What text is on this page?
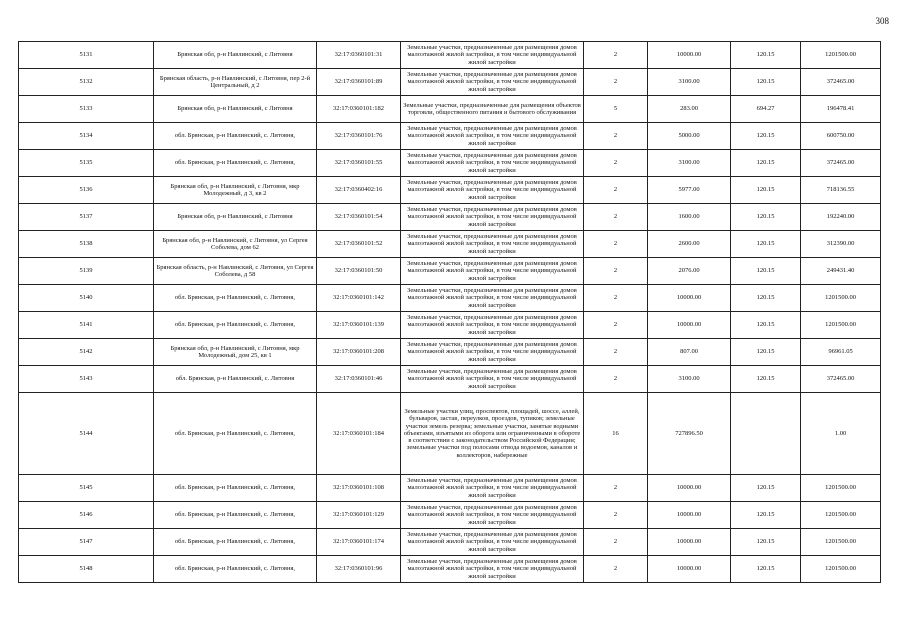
308
5131	Брянская обл, р-н Навлинский, с Литовня	32:17:0360101:31	Земельные участки, предназначенные для размещения домов малоэтажной жилой застройки, в том числе индивидуальной жилой застройки	2	10000.00	120.15	1201500.00
5132	Брянская область, р-н Навлинский, с Литовня, пер 2-й Центральный, д 2	32:17:0360101:89	Земельные участки, предназначенные для размещения домов малоэтажной жилой застройки, в том числе индивидуальной жилой застройки	2	3100.00	120.15	372465.00
5133	Брянская обл, р-н Навлинский, с Литовня	32:17:0360101:182	Земельные участки, предназначенные для размещения объектов торговли, общественного питания и бытового обслуживания	5	283.00	694.27	196478.41
5134	обл. Брянская, р-н Навлинский, с. Литовня,	32:17:0360101:76	Земельные участки, предназначенные для размещения домов малоэтажной жилой застройки, в том числе индивидуальной жилой застройки	2	5000.00	120.15	600750.00
5135	обл. Брянская, р-н Навлинский, с. Литовня,	32:17:0360101:55	Земельные участки, предназначенные для размещения домов малоэтажной жилой застройки, в том числе индивидуальной жилой застройки	2	3100.00	120.15	372465.00
5136	Брянская обл, р-н Навлинский, с Литовня, мкр Молодежный, д 3, кв 2	32:17:0360402:16	Земельные участки, предназначенные для размещения домов малоэтажной жилой застройки, в том числе индивидуальной жилой застройки	2	5977.00	120.15	718136.55
5137	Брянская обл, р-н Навлинский, с Литовня	32:17:0360101:54	Земельные участки, предназначенные для размещения домов малоэтажной жилой застройки, в том числе индивидуальной жилой застройки	2	1600.00	120.15	192240.00
5138	Брянская обл, р-н Навлинский, с Литовня, ул Сергея Соболева, дом 62	32:17:0360101:52	Земельные участки, предназначенные для размещения домов малоэтажной жилой застройки, в том числе индивидуальной жилой застройки	2	2600.00	120.15	312390.00
5139	Брянская область, р-н Навлинский, с Литовня, ул Сергея Соболева, д 58	32:17:0360101:50	Земельные участки, предназначенные для размещения домов малоэтажной жилой застройки, в том числе индивидуальной жилой застройки	2	2076.00	120.15	249431.40
5140	обл. Брянская, р-н Навлинский, с. Литовня,	32:17:0360101:142	Земельные участки, предназначенные для размещения домов малоэтажной жилой застройки, в том числе индивидуальной жилой застройки	2	10000.00	120.15	1201500.00
5141	обл. Брянская, р-н Навлинский, с. Литовня,	32:17:0360101:139	Земельные участки, предназначенные для размещения домов малоэтажной жилой застройки, в том числе индивидуальной жилой застройки	2	10000.00	120.15	1201500.00
5142	Брянская обл, р-н Навлинский, с Литовня, мкр Молодежный, дом 25, кв 1	32:17:0360101:208	Земельные участки, предназначенные для размещения домов малоэтажной жилой застройки, в том числе индивидуальной жилой застройки	2	807.00	120.15	96961.05
5143	обл. Брянская, р-н Навлинский, с. Литовня	32:17:0360101:46	Земельные участки, предназначенные для размещения домов малоэтажной жилой застройки, в том числе индивидуальной жилой застройки	2	3100.00	120.15	372465.00
5144	обл. Брянская, р-н Навлинский, с. Литовня,	32:17:0360101:184	Земельные участки улиц, проспектов, площадей, шоссе, аллей, бульваров, застав, переулков, проездов, тупиков; земельные участки земель резерва; земельные участки, занятые водными объектами, изъятыми из оборота или ограниченными в обороте в соответствии с законодательством Российской Федерации; земельные участки под полосами отвода водоемов, каналов и коллекторов, набережные	16	727896.50		1.00
5145	обл. Брянская, р-н Навлинский, с. Литовня,	32:17:0360101:108	Земельные участки, предназначенные для размещения домов малоэтажной жилой застройки, в том числе индивидуальной жилой застройки	2	10000.00	120.15	1201500.00
5146	обл. Брянская, р-н Навлинский, с. Литовня,	32:17:0360101:129	Земельные участки, предназначенные для размещения домов малоэтажной жилой застройки, в том числе индивидуальной жилой застройки	2	10000.00	120.15	1201500.00
5147	обл. Брянская, р-н Навлинский, с. Литовня,	32:17:0360101:174	Земельные участки, предназначенные для размещения домов малоэтажной жилой застройки, в том числе индивидуальной жилой застройки	2	10000.00	120.15	1201500.00
5148	обл. Брянская, р-н Навлинский, с. Литовня,	32:17:0360101:96	Земельные участки, предназначенные для размещения домов малоэтажной жилой застройки, в том числе индивидуальной жилой застройки	2	10000.00	120.15	1201500.00
